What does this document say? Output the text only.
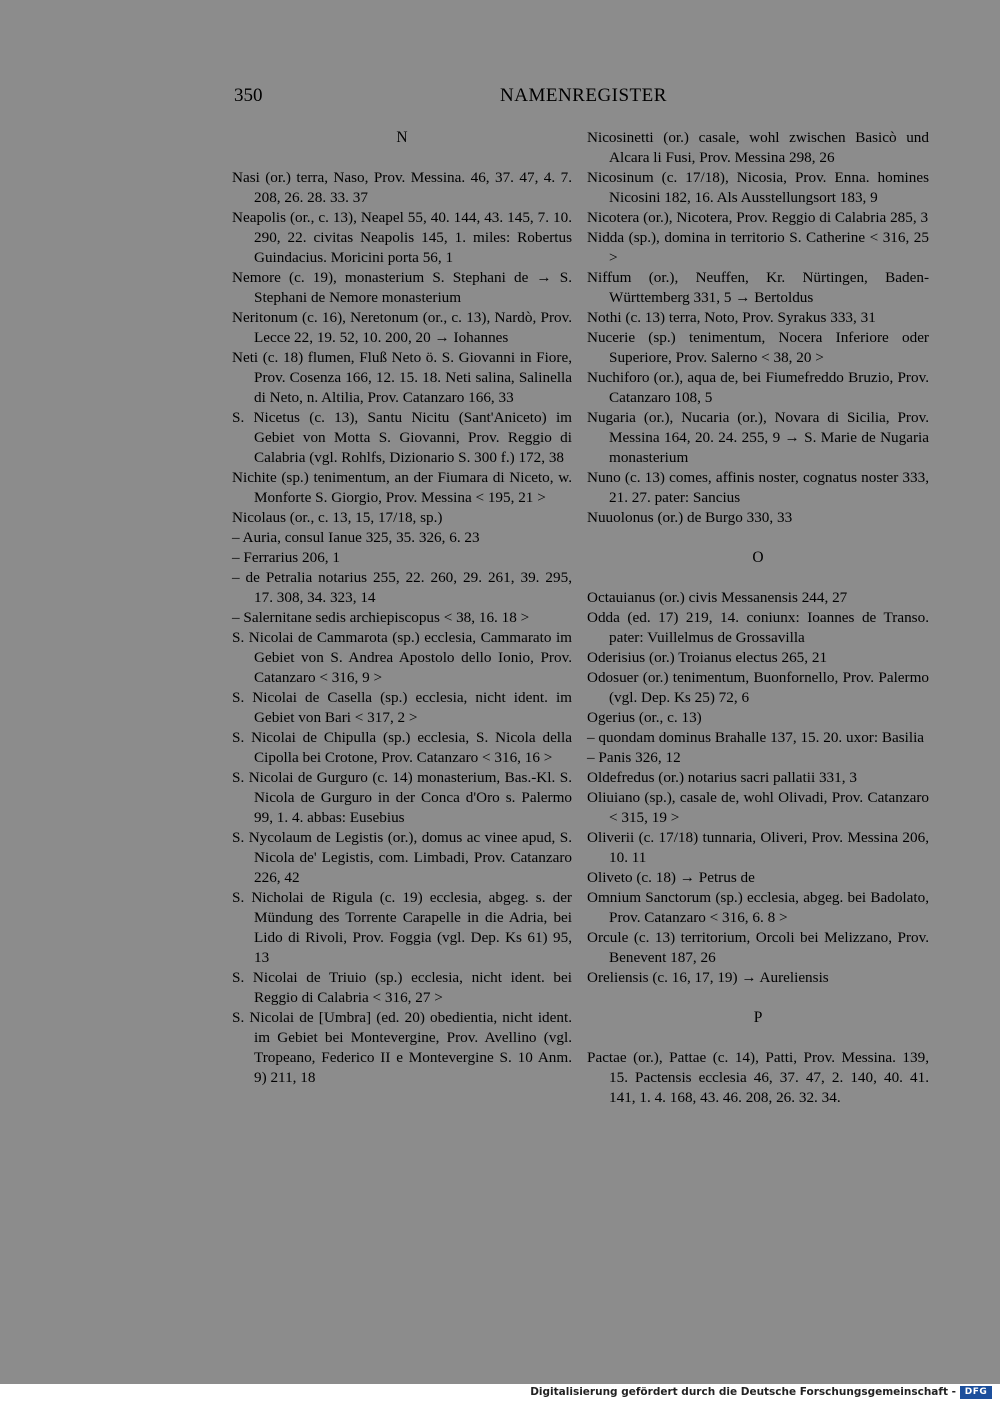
350	NAMENREGISTER
N
Nasi (or.) terra, Naso, Prov. Messina. 46, 37. 47, 4. 7. 208, 26. 28. 33. 37
Neapolis (or., c. 13), Neapel 55, 40. 144, 43. 145, 7. 10. 290, 22. civitas Neapolis 145, 1. miles: Robertus Guindacius. Moricini porta 56, 1
Nemore (c. 19), monasterium S. Stephani de → S. Stephani de Nemore monasterium
Neritonum (c. 16), Neretonum (or., c. 13), Nardò, Prov. Lecce 22, 19. 52, 10. 200, 20 → Iohannes
Neti (c. 18) flumen, Fluß Neto ö. S. Giovanni in Fiore, Prov. Cosenza 166, 12. 15. 18. Neti salina, Salinella di Neto, n. Altilia, Prov. Catanzaro 166, 33
S. Nicetus (c. 13), Santu Nicitu (Sant'Aniceto) im Gebiet von Motta S. Giovanni, Prov. Reggio di Calabria (vgl. Rohlfs, Dizionario S. 300 f.) 172, 38
Nichite (sp.) tenimentum, an der Fiumara di Niceto, w. Monforte S. Giorgio, Prov. Messina < 195, 21 >
Nicolaus (or., c. 13, 15, 17/18, sp.)
– Auria, consul Ianue 325, 35. 326, 6. 23
– Ferrarius 206, 1
– de Petralia notarius 255, 22. 260, 29. 261, 39. 295, 17. 308, 34. 323, 14
– Salernitane sedis archiepiscopus < 38, 16. 18 >
S. Nicolai de Cammarota (sp.) ecclesia, Cammarato im Gebiet von S. Andrea Apostolo dello Ionio, Prov. Catanzaro < 316, 9 >
S. Nicolai de Casella (sp.) ecclesia, nicht ident. im Gebiet von Bari < 317, 2 >
S. Nicolai de Chipulla (sp.) ecclesia, S. Nicola della Cipolla bei Crotone, Prov. Catanzaro < 316, 16 >
S. Nicolai de Gurguro (c. 14) monasterium, Bas.-Kl. S. Nicola de Gurguro in der Conca d'Oro s. Palermo 99, 1. 4. abbas: Eusebius
S. Nycolaum de Legistis (or.), domus ac vinee apud, S. Nicola de' Legistis, com. Limbadi, Prov. Catanzaro 226, 42
S. Nicholai de Rigula (c. 19) ecclesia, abgeg. s. der Mündung des Torrente Carapelle in die Adria, bei Lido di Rivoli, Prov. Foggia (vgl. Dep. Ks 61) 95, 13
S. Nicolai de Triuio (sp.) ecclesia, nicht ident. bei Reggio di Calabria < 316, 27 >
S. Nicolai de [Umbra] (ed. 20) obedientia, nicht ident. im Gebiet bei Montevergine, Prov. Avellino (vgl. Tropeano, Federico II e Montevergine S. 10 Anm. 9) 211, 18
Nicosinetti (or.) casale, wohl zwischen Basicò und Alcara li Fusi, Prov. Messina 298, 26
Nicosinum (c. 17/18), Nicosia, Prov. Enna. homines Nicosini 182, 16. Als Ausstellungsort 183, 9
Nicotera (or.), Nicotera, Prov. Reggio di Calabria 285, 3
Nidda (sp.), domina in territorio S. Catherine < 316, 25 >
Niffum (or.), Neuffen, Kr. Nürtingen, Baden-Württemberg 331, 5 → Bertoldus
Nothi (c. 13) terra, Noto, Prov. Syrakus 333, 31
Nucerie (sp.) tenimentum, Nocera Inferiore oder Superiore, Prov. Salerno < 38, 20 >
Nuchiforo (or.), aqua de, bei Fiumefreddo Bruzio, Prov. Catanzaro 108, 5
Nugaria (or.), Nucaria (or.), Novara di Sicilia, Prov. Messina 164, 20. 24. 255, 9 → S. Marie de Nugaria monasterium
Nuno (c. 13) comes, affinis noster, cognatus noster 333, 21. 27. pater: Sancius
Nuuolonus (or.) de Burgo 330, 33
O
Octauianus (or.) civis Messanensis 244, 27
Odda (ed. 17) 219, 14. coniunx: Ioannes de Transo. pater: Vuillelmus de Grossavilla
Oderisius (or.) Troianus electus 265, 21
Odosuer (or.) tenimentum, Buonfornello, Prov. Palermo (vgl. Dep. Ks 25) 72, 6
Ogerius (or., c. 13)
– quondam dominus Brahalle 137, 15. 20. uxor: Basilia
– Panis 326, 12
Oldefredus (or.) notarius sacri pallatii 331, 3
Oliuiano (sp.), casale de, wohl Olivadi, Prov. Catanzaro < 315, 19 >
Oliverii (c. 17/18) tunnaria, Oliveri, Prov. Messina 206, 10. 11
Oliveto (c. 18) → Petrus de
Omnium Sanctorum (sp.) ecclesia, abgeg. bei Badolato, Prov. Catanzaro < 316, 6. 8 >
Orcule (c. 13) territorium, Orcoli bei Melizzano, Prov. Benevent 187, 26
Oreliensis (c. 16, 17, 19) → Aureliensis
P
Pactae (or.), Pattae (c. 14), Patti, Prov. Messina. 139, 15. Pactensis ecclesia 46, 37. 47, 2. 140, 40. 41. 141, 1. 4. 168, 43. 46. 208, 26. 32. 34.
Digitalisierung gefördert durch die Deutsche Forschungsgemeinschaft - DFG
